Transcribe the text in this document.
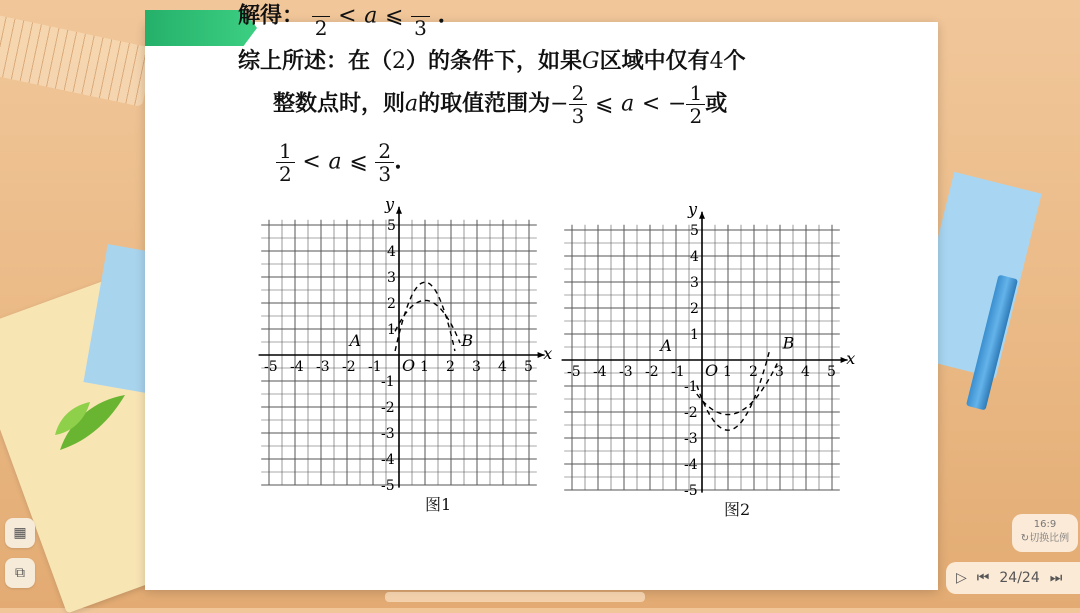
解得：
2 < a ⩽
3 .
综上所述：在（2）的条件下，如果G区域中仅有4个
整数点时，则a的取值范围为− $\frac{2}{3}$ ⩽ a < − $\frac{1}{2}$ 或
$\frac{1}{2} < a$ ⩽ $\frac{2}{3}$ .
-5 -4 -3 -2 -1	1 2 3 4 5
5
4
3
2
1
-1
-2
-3
-4
-5
x
y
O
A	B
图1
-5 -4 -3 -2 -1	1 2 3 4 5
5
4
3
2
1
-1
-2
-3
-4
-5
x
y
O
A	B
图2
▦
⧉
16:9
↻切换比例
▷ ⏮ 24/24 ⏭
